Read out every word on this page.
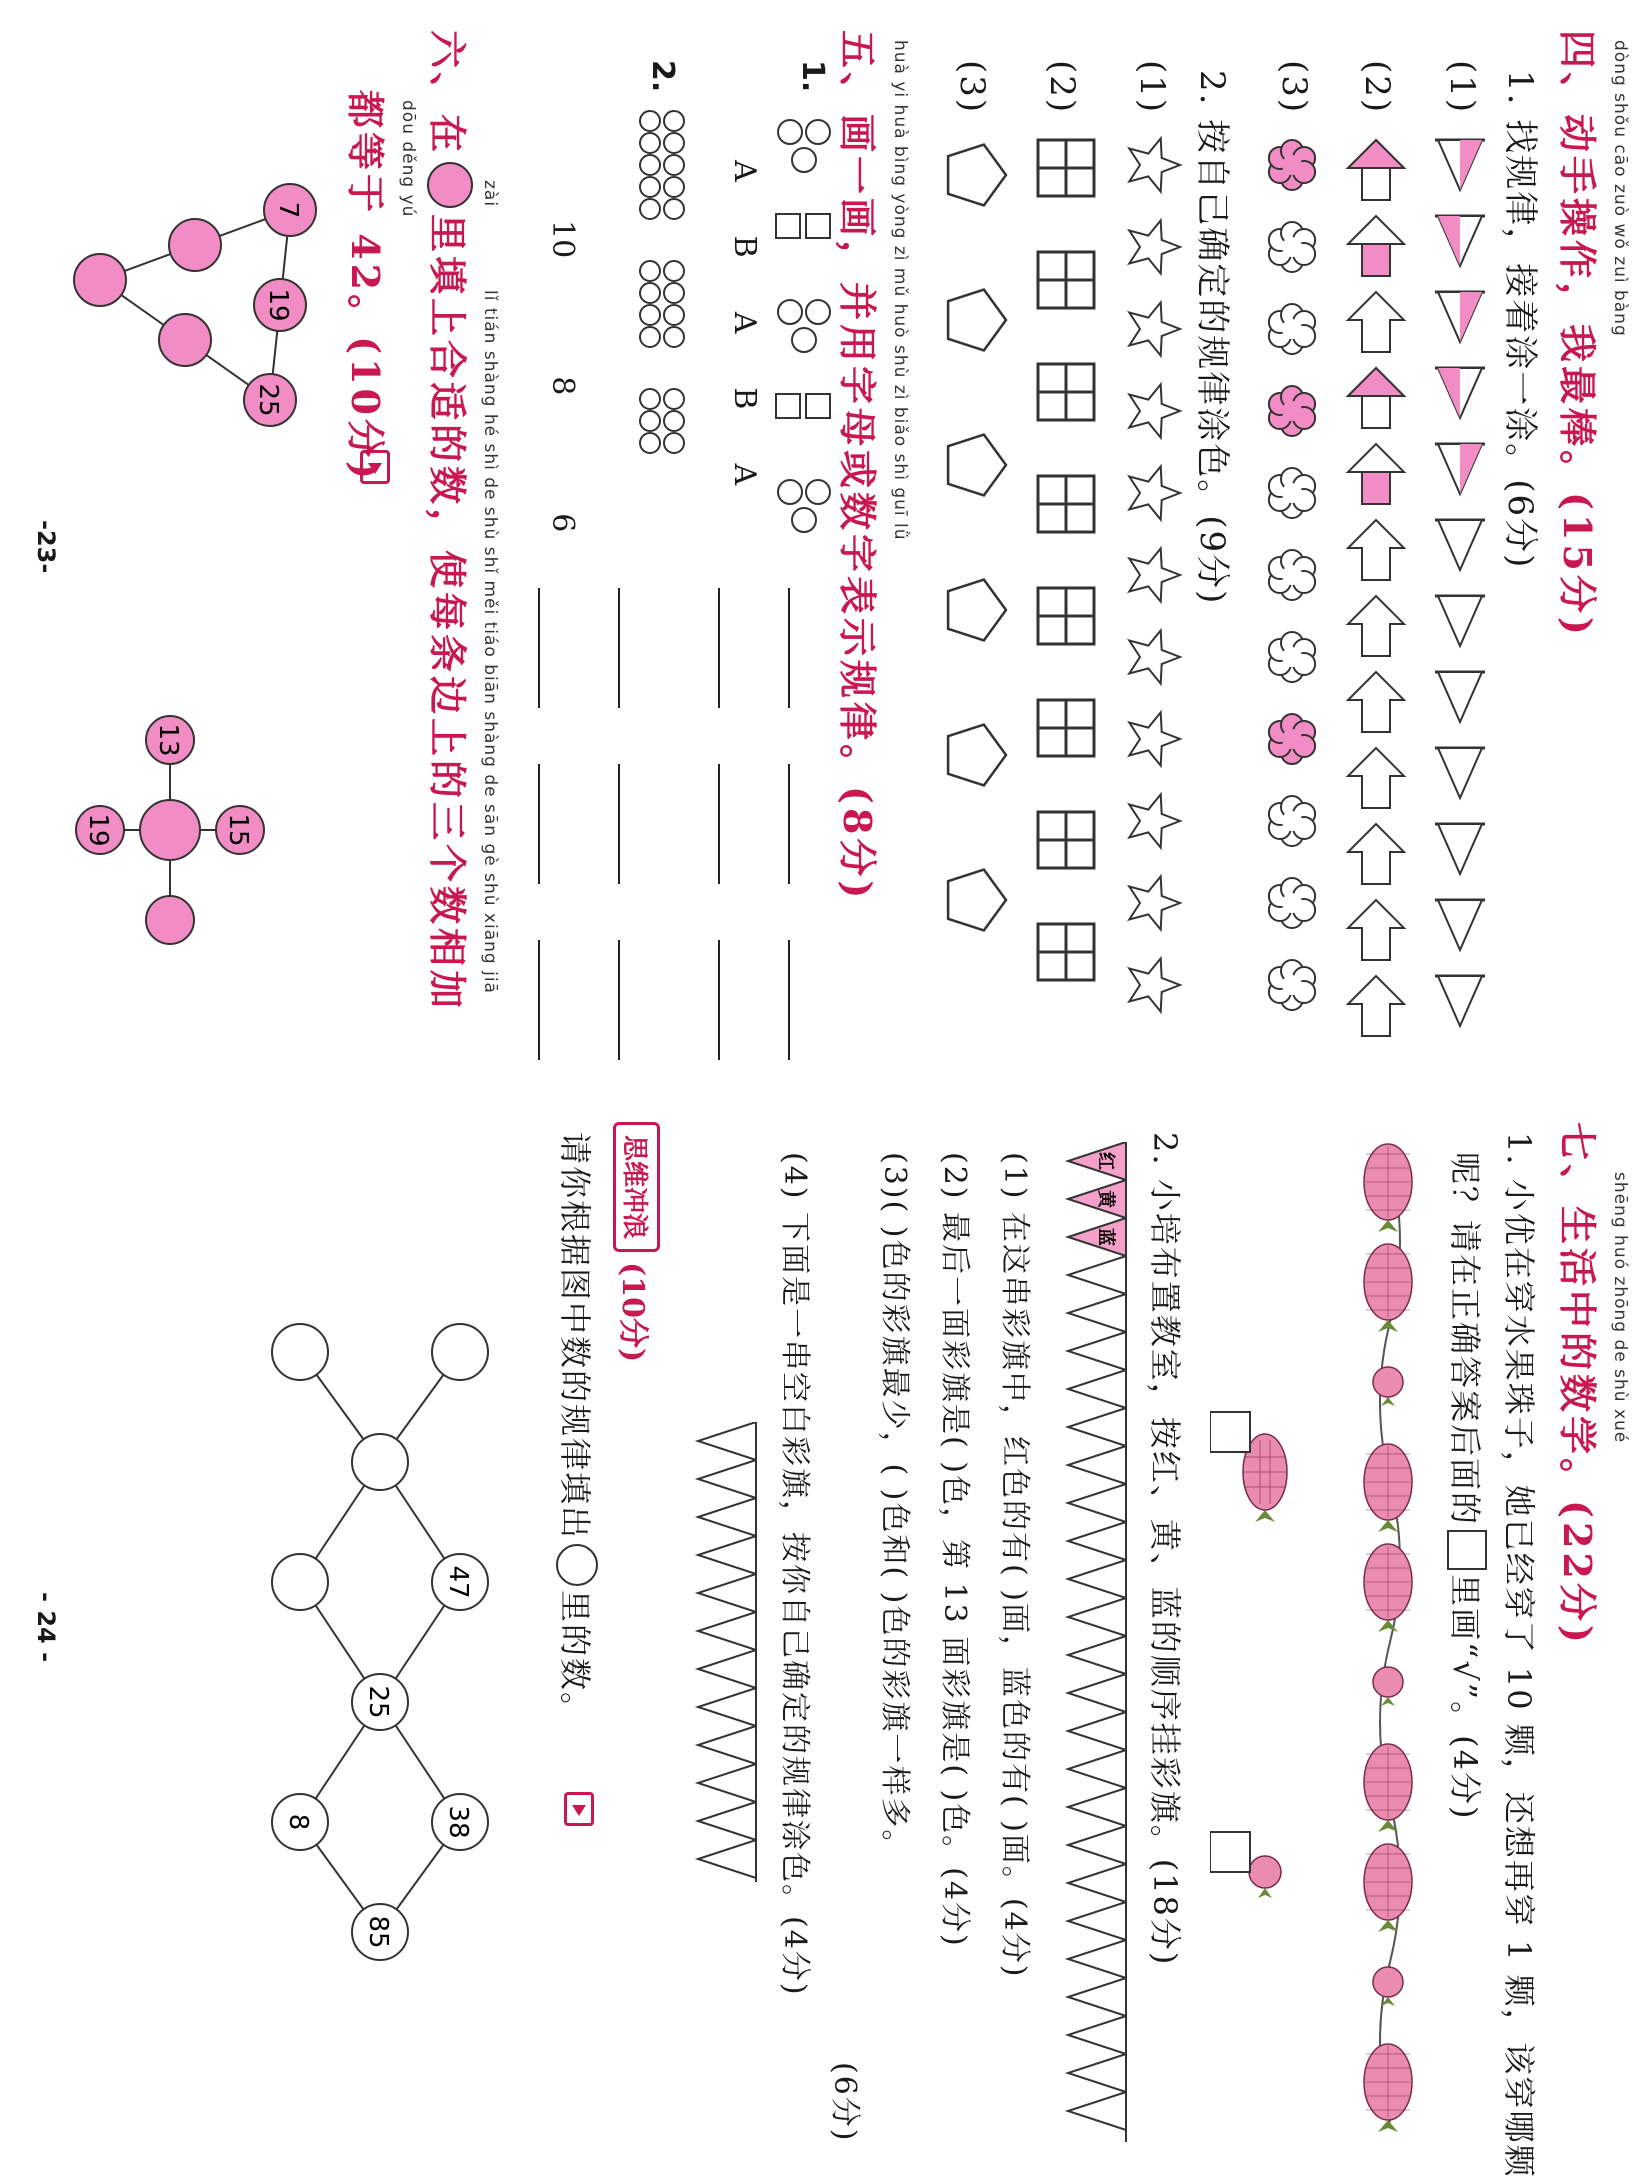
dòng shǒu cāo zuò wǒ zuì bàng
四、动手操作，我最棒。(15分)
1. 找规律，接着涂一涂。(6分)
(1)
(2)
(3)
2. 按自己确定的规律涂色。(9分)
(1)
(2)
(3)
huà yi huà bìng yòng zì mǔ huò shù zì biǎo shì guī lǜ
五、画一画，并用字母或数字表示规律。(8分)
1.
A
B
A
B
A
2.
10
8
6
zài
lǐ tián shàng hé shì de shù shǐ měi tiáo biān shàng de sān gè shù xiāng jiā
六、在
里填上合适的数，使每条边上的三个数相加
dōu děng yú
都等于 42。(10分)
7
19
25
13
15
19
-23-
shēng huó zhōng de shù xué
七、生活中的数学。(22分)
1. 小优在穿水果珠子，她已经穿了 10 颗，还想再穿 1 颗，该穿哪颗
呢？请在正确答案后面的
里画“√”。(4分)
2. 小培布置教室，按红、黄、蓝的顺序挂彩旗。(18分)
红
黄
蓝
(1) 在这串彩旗中，红色的有( )面，蓝色的有( )面。(4分)
(2) 最后一面彩旗是( )色，第 13 面彩旗是( )色。(4分)
(3)( )色的彩旗最少，( )色和( )色的彩旗一样多。
(6分)
(4) 下面是一串空白彩旗，按你自己确定的规律涂色。(4分)
思维冲浪
(10分)
请你根据图中数的规律填出
里的数。
47
25
8
85
38
- 24 -
